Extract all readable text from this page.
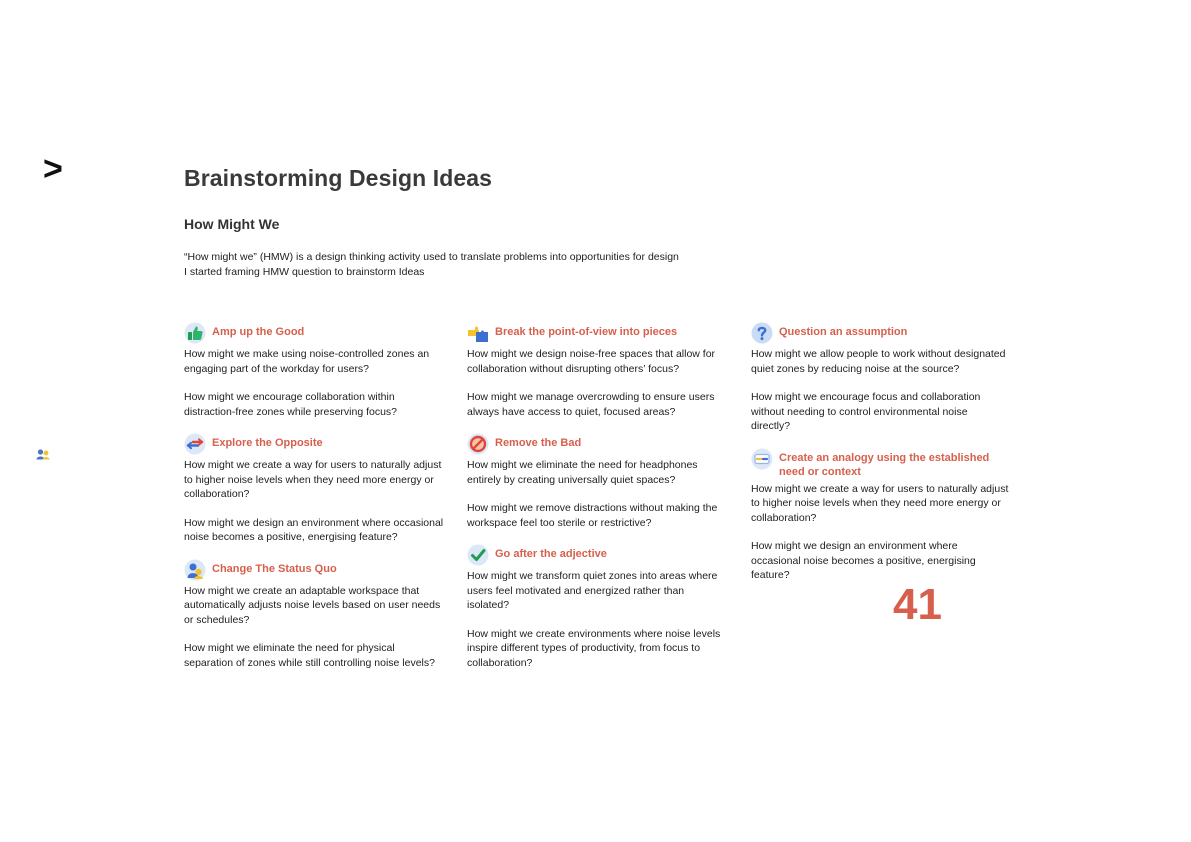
>	Brainstorming Design Ideas
How Might We

“How might we” (HMW) is a design thinking activity used to translate problems into opportunities for design

I started framing HMW question to brainstorm Ideas

Amp up the Good

How might we make using noise-controlled zones an engaging part of the workday for users?

How might we encourage collaboration within distraction-free zones while preserving focus?

Explore the Opposite

How might we create a way for users to naturally adjust to higher noise levels when they need more energy or collaboration?

How might we design an environment where occasional noise becomes a positive, energising feature?

Change The Status Quo

How might we create an adaptable workspace that automatically adjusts noise levels based on user needs or schedules?

How might we eliminate the need for physical separation of zones while still controlling noise levels?

Break the point-of-view into pieces

How might we design noise-free spaces that allow for collaboration without disrupting others’ focus?

How might we manage overcrowding to ensure users always have access to quiet, focused areas?

Remove the Bad

How might we eliminate the need for headphones entirely by creating universally quiet spaces?

How might we remove distractions without making the workspace feel too sterile or restrictive?

Go after the adjective

How might we transform quiet zones into areas where users feel motivated and energized rather than isolated?

How might we create environments where noise levels inspire different types of productivity, from focus to collaboration?

Question an assumption

How might we allow people to work without designated quiet zones by reducing noise at the source?

How might we encourage focus and collaboration without needing to control environmental noise directly?

Create an analogy using the established need or context

How might we create a way for users to naturally adjust to higher noise levels when they need more energy or collaboration?

How might we design an environment where occasional noise becomes a positive, energising feature?

41
